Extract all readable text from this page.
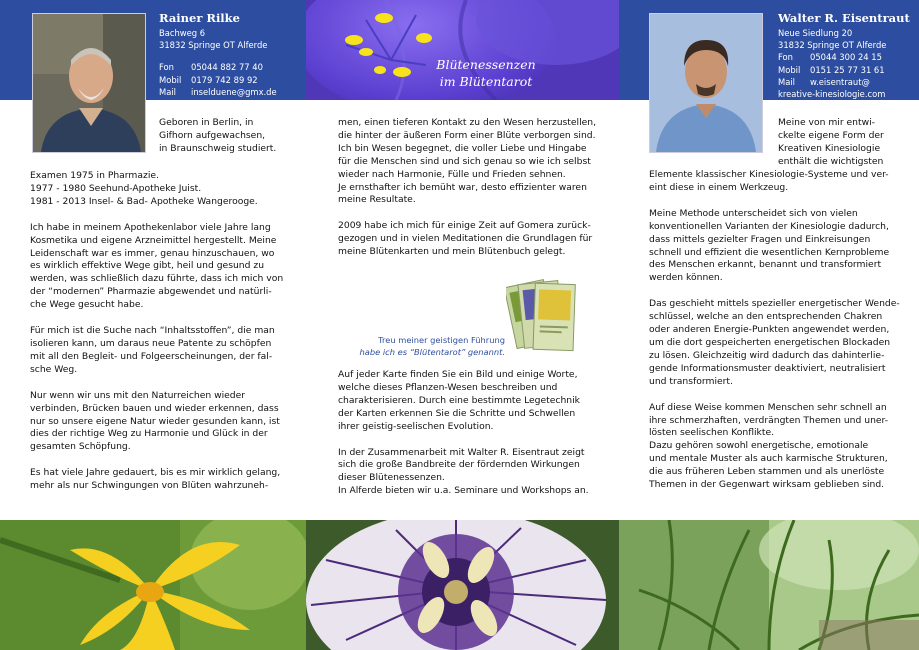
Rainer Rilke
Bachweg 6
31832 Springe OT Alferde
Fon 05044 882 77 40
Mobil 0179 742 89 92
Mail inselduene@gmx.de
Blütenessenzen
im Blütentarot
Walter R. Eisentraut
Neue Siedlung 20
31832 Springe OT Alferde
Fon 05044 300 24 15
Mobil 0151 25 77 31 61
Mail w.eisentraut@
kreative-kinesiologie.com
Geboren in Berlin, in
Gifhorn aufgewachsen,
in Braunschweig studiert.

Examen 1975 in Pharmazie.
1977 - 1980 Seehund-Apotheke Juist.
1981 - 2013 Insel- & Bad- Apotheke Wangerooge.

Ich habe in meinem Apothekenlabor viele Jahre lang
Kosmetika und eigene Arzneimittel hergestellt. Meine
Leidenschaft war es immer, genau hinzuschauen, wo
es wirklich effektive Wege gibt, heil und gesund zu
werden, was schließlich dazu führte, dass ich mich von
der “modernen” Pharmazie abgewendet und natürli-
che Wege gesucht habe.

Für mich ist die Suche nach “Inhaltsstoffen”, die man
isolieren kann, um daraus neue Patente zu schöpfen
mit all den Begleit- und Folgeerscheinungen, der fal-
sche Weg.

Nur wenn wir uns mit den Naturreichen wieder
verbinden, Brücken bauen und wieder erkennen, dass
nur so unsere eigene Natur wieder gesunden kann, ist
dies der richtige Weg zu Harmonie und Glück in der
gesamten Schöpfung.

Es hat viele Jahre gedauert, bis es mir wirklich gelang,
mehr als nur Schwingungen von Blüten wahrzuneh-

men, einen tieferen Kontakt zu den Wesen herzustellen,
die hinter der äußeren Form einer Blüte verborgen sind.
Ich bin Wesen begegnet, die voller Liebe und Hingabe
für die Menschen sind und sich genau so wie ich selbst
wieder nach Harmonie, Fülle und Frieden sehnen.
Je ernsthafter ich bemüht war, desto effizienter waren
meine Resultate.

2009 habe ich mich für einige Zeit auf Gomera zurück-
gezogen und in vielen Meditationen die Grundlagen für
meine Blütenkarten und mein Blütenbuch gelegt.

Treu meiner geistigen Führung
habe ich es “Blütentarot” genannt.

Auf jeder Karte finden Sie ein Bild und einige Worte,
welche dieses Pflanzen-Wesen beschreiben und
charakterisieren. Durch eine bestimmte Legetechnik
der Karten erkennen Sie die Schritte und Schwellen
ihrer geistig-seelischen Evolution.

In der Zusammenarbeit mit Walter R. Eisentraut zeigt
sich die große Bandbreite der fördernden Wirkungen
dieser Blütenessenzen.
In Alferde bieten wir u.a. Seminare und Workshops an.

Meine von mir entwi-
ckelte eigene Form der
Kreativen Kinesiologie
enthält die wichtigsten

Elemente klassischer Kinesiologie-Systeme und ver-
eint diese in einem Werkzeug.

Meine Methode unterscheidet sich von vielen
konventionellen Varianten der Kinesiologie dadurch,
dass mittels gezielter Fragen und Einkreisungen
schnell und effizient die wesentlichen Kernprobleme
des Menschen erkannt, benannt und transformiert
werden können.

Das geschieht mittels spezieller energetischer Wende-
schlüssel, welche an den entsprechenden Chakren
oder anderen Energie-Punkten angewendet werden,
um die dort gespeicherten energetischen Blockaden
zu lösen. Gleichzeitig wird dadurch das dahinterlie-
gende Informationsmuster deaktiviert, neutralisiert
und transformiert.

Auf diese Weise kommen Menschen sehr schnell an
ihre schmerzhaften, verdrängten Themen und uner-
lösten seelischen Konflikte.
Dazu gehören sowohl energetische, emotionale
und mentale Muster als auch karmische Strukturen,
die aus früheren Leben stammen und als unerlöste
Themen in der Gegenwart wirksam geblieben sind.
